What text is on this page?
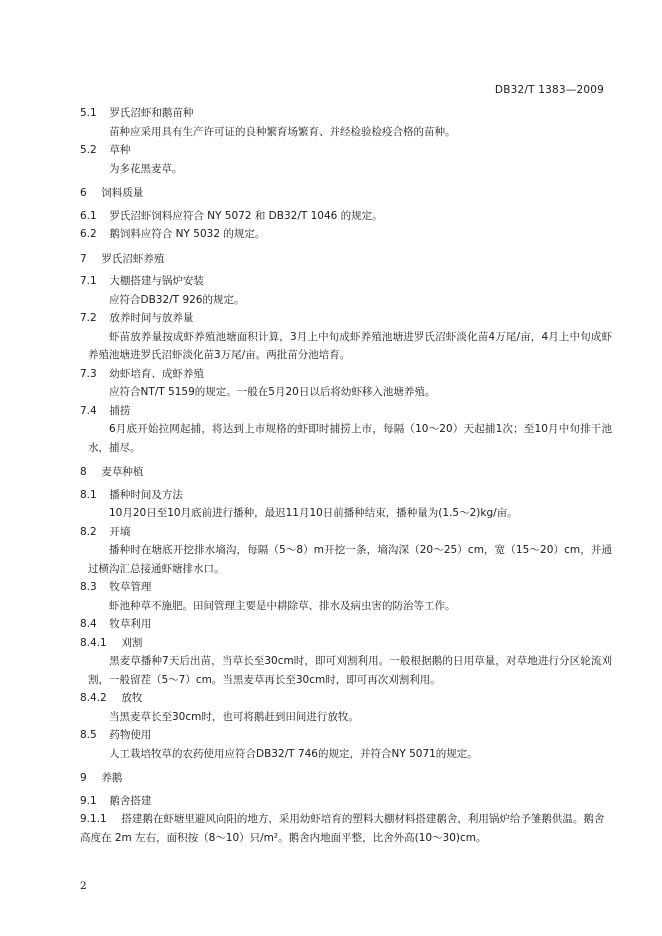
DB32/T 1383—2009
5.1 罗氏沼虾和鹅苗种
苗种应采用具有生产许可证的良种繁育场繁育、并经检验检疫合格的苗种。
5.2 草种
为多花黑麦草。
6 饲料质量
6.1 罗氏沼虾饲料应符合 NY 5072 和 DB32/T 1046 的规定。
6.2 鹅饲料应符合 NY 5032 的规定。
7 罗氏沼虾养殖
7.1 大棚搭建与锅炉安装
应符合DB32/T 926的规定。
7.2 放养时间与放养量
虾苗放养量按成虾养殖池塘面积计算，3月上中旬成虾养殖池塘进罗氏沼虾淡化苗4万尾/亩，4月上中旬成虾养殖池塘进罗氏沼虾淡化苗3万尾/亩。两批苗分池培育。
7.3 幼虾培育、成虾养殖
应符合NT/T 5159的规定。一般在5月20日以后将幼虾移入池塘养殖。
7.4 捕捞
6月底开始拉网起捕，将达到上市规格的虾即时捕捞上市，每隔（10～20）天起捕1次；至10月中旬排干池水，捕尽。
8 麦草种植
8.1 播种时间及方法
10月20日至10月底前进行播种，最迟11月10日前播种结束，播种量为(1.5～2)kg/亩。
8.2 开墒
播种时在塘底开挖排水墒沟，每隔（5～8）m开挖一条，墒沟深（20～25）cm，宽（15～20）cm，并通过横沟汇总接通虾塘排水口。
8.3 牧草管理
虾池种草不施肥。田间管理主要是中耕除草、排水及病虫害的防治等工作。
8.4 牧草利用
8.4.1 刈割
黑麦草播种7天后出苗，当草长至30cm时，即可刈割利用。一般根据鹅的日用草量，对草地进行分区轮流刈割，一般留茬（5～7）cm。当黑麦草再长至30cm时，即可再次刈割利用。
8.4.2 放牧
当黑麦草长至30cm时，也可将鹅赶到田间进行放牧。
8.5 药物使用
人工栽培牧草的农药使用应符合DB32/T 746的规定，并符合NY 5071的规定。
9 养鹅
9.1 鹅舍搭建
9.1.1 搭建鹅在虾塘里避风向阳的地方，采用幼虾培育的塑料大棚材料搭建鹅舍，利用锅炉给予雏鹅供温。鹅舍高度在 2m 左右，面积按（8～10）只/m²。鹅舍内地面平整，比舍外高(10～30)cm。
2
